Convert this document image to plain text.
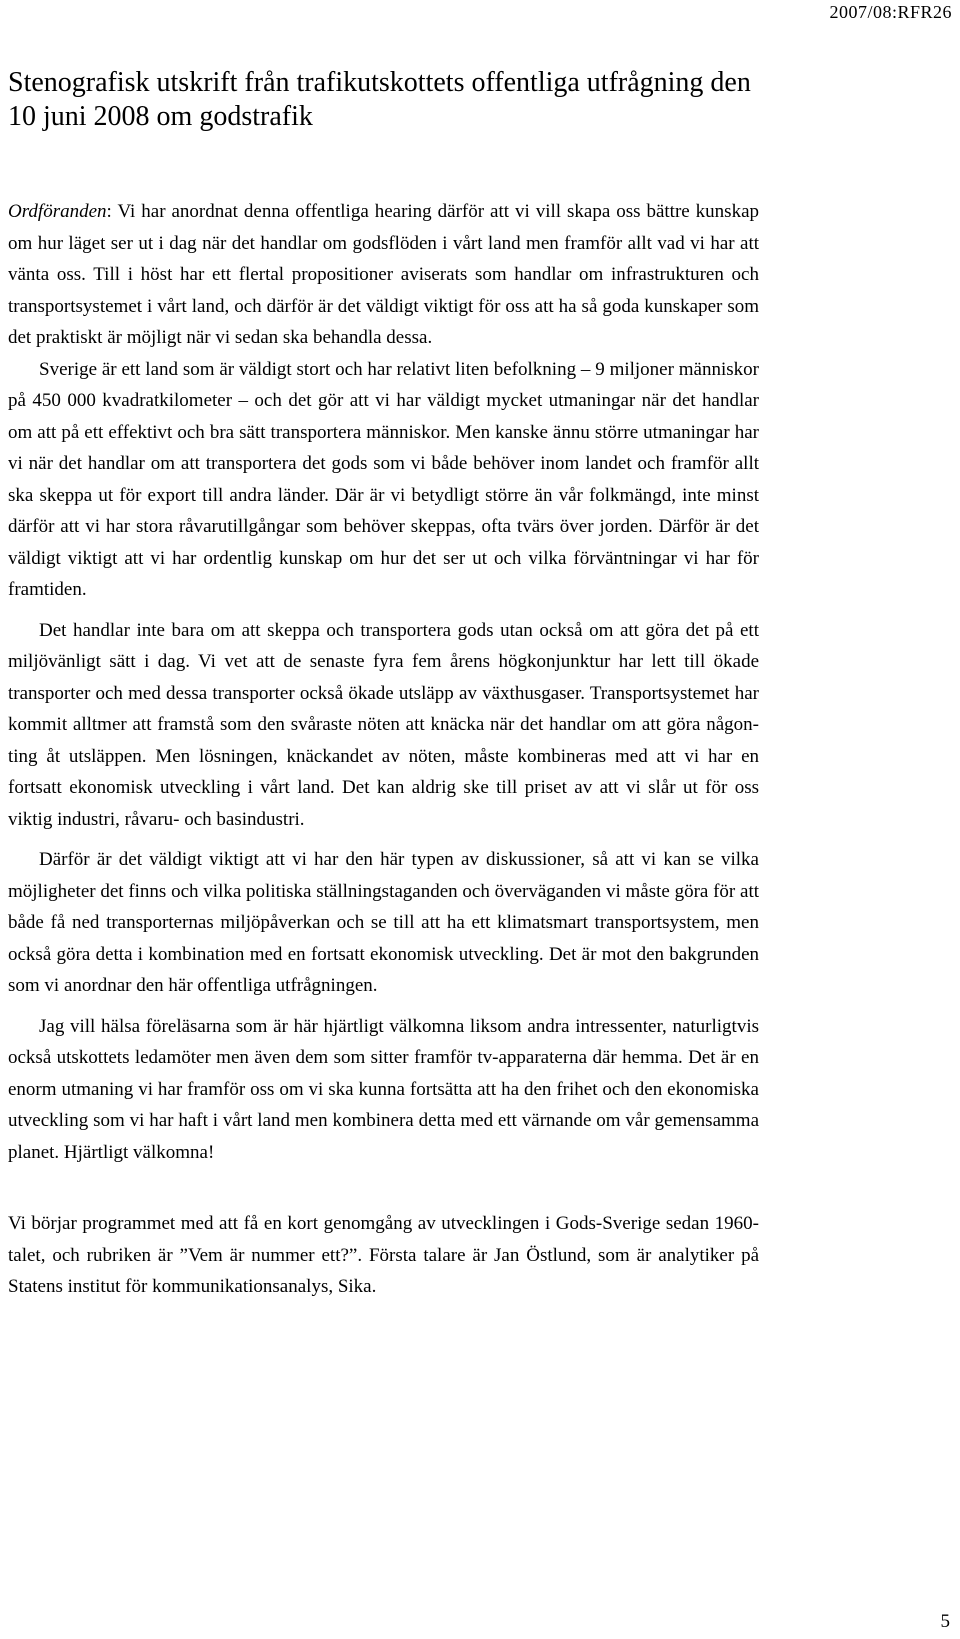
2007/08:RFR26
Stenografisk utskrift från trafikutskottets offentliga utfrågning den 10 juni 2008 om godstrafik

Ordföranden: Vi har anordnat denna offentliga hearing därför att vi vill skapa oss bättre kunskap om hur läget ser ut i dag när det handlar om godsflöden i vårt land men framför allt vad vi har att vänta oss. Till i höst har ett flertal propositioner aviserats som handlar om infrastrukturen och transportsystemet i vårt land, och därför är det väldigt viktigt för oss att ha så goda kunskaper som det praktiskt är möjligt när vi sedan ska behandla dessa.

Sverige är ett land som är väldigt stort och har relativt liten befolkning – 9 miljoner människor på 450 000 kvadratkilometer – och det gör att vi har väldigt mycket utmaningar när det handlar om att på ett effektivt och bra sätt transportera människor. Men kanske ännu större utmaningar har vi när det handlar om att transportera det gods som vi både behöver inom landet och framför allt ska skeppa ut för export till andra länder. Där är vi betydligt större än vår folkmängd, inte minst därför att vi har stora råvarutillgångar som behöver skeppas, ofta tvärs över jorden. Därför är det väldigt viktigt att vi har ordentlig kunskap om hur det ser ut och vilka förväntningar vi har för framtiden.

Det handlar inte bara om att skeppa och transportera gods utan också om att göra det på ett miljövänligt sätt i dag. Vi vet att de senaste fyra fem årens högkonjunktur har lett till ökade transporter och med dessa transporter också ökade utsläpp av växthusgaser. Transportsystemet har kommit alltmer att framstå som den svåraste nöten att knäcka när det handlar om att göra någonting åt utsläppen. Men lösningen, knäckandet av nöten, måste kombineras med att vi har en fortsatt ekonomisk utveckling i vårt land. Det kan aldrig ske till priset av att vi slår ut för oss viktig industri, råvaru- och basindustri.

Därför är det väldigt viktigt att vi har den här typen av diskussioner, så att vi kan se vilka möjligheter det finns och vilka politiska ställningstaganden och överväganden vi måste göra för att både få ned transporternas miljöpåverkan och se till att ha ett klimatsmart transportsystem, men också göra detta i kombination med en fortsatt ekonomisk utveckling. Det är mot den bakgrunden som vi anordnar den här offentliga utfrågningen.

Jag vill hälsa föreläsarna som är här hjärtligt välkomna liksom andra intressenter, naturligtvis också utskottets ledamöter men även dem som sitter framför tv-apparaterna där hemma. Det är en enorm utmaning vi har framför oss om vi ska kunna fortsätta att ha den frihet och den ekonomiska utveckling som vi har haft i vårt land men kombinera detta med ett värnande om vår gemensamma planet. Hjärtligt välkomna!

Vi börjar programmet med att få en kort genomgång av utvecklingen i Gods-Sverige sedan 1960-talet, och rubriken är ”Vem är nummer ett?”. Första talare är Jan Östlund, som är analytiker på Statens institut för kommunikationsanalys, Sika.

5
